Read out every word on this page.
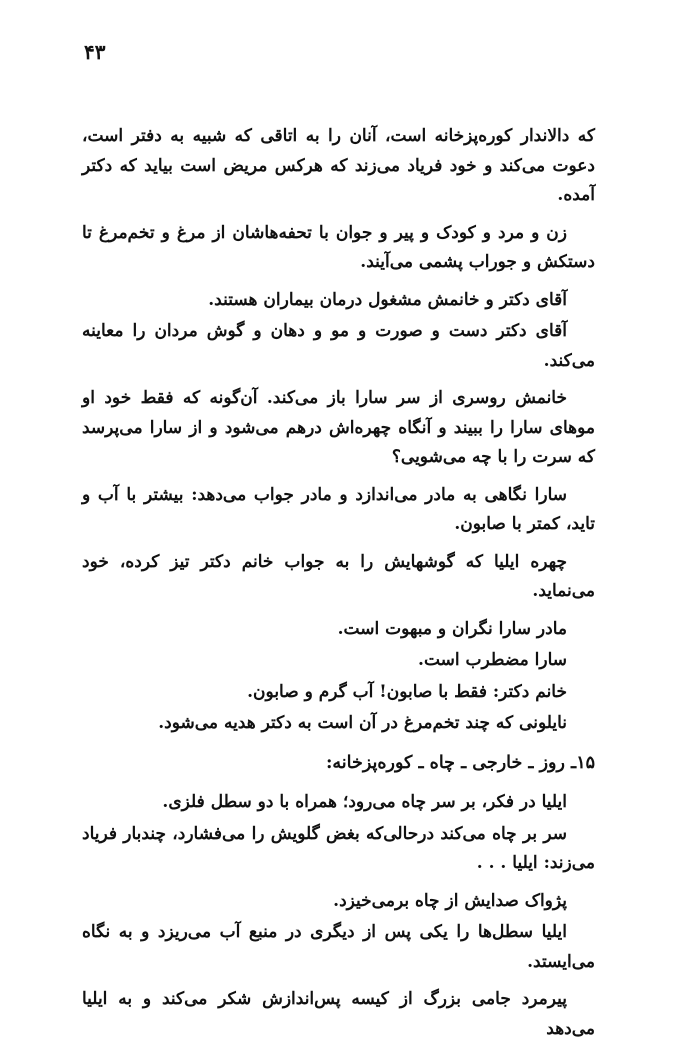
۴۳

که دالاندار کوره‌پزخانه است، آنان را به اتاقی که شبیه به دفتر است، دعوت می‌کند و خود فریاد می‌زند که هرکس مریض است بیاید که دکتر آمده.

زن و مرد و کودک و پیر و جوان با تحفه‌هاشان از مرغ و تخم‌مرغ تا دستکش و جوراب پشمی می‌آیند.

آقای دکتر و خانمش مشغول درمان بیماران هستند.

آقای دکتر دست و صورت و مو و دهان و گوش مردان را معاینه می‌کند.

خانمش روسری از سر سارا باز می‌کند. آن‌گونه که فقط خود او موهای سارا را ببیند و آنگاه چهره‌اش درهم می‌شود و از سارا می‌پرسد که سرت را با چه می‌شویی؟

سارا نگاهی به مادر می‌اندازد و مادر جواب می‌دهد: بیشتر با آب و تاید، کمتر با صابون.

چهره ایلیا که گوشهایش را به جواب خانم دکتر تیز کرده، خود می‌نماید.

مادر سارا نگران و مبهوت است.

سارا مضطرب است.

خانم دکتر: فقط با صابون! آب گرم و صابون.

نایلونی که چند تخم‌مرغ در آن است به دکتر هدیه می‌شود.

۱۵ـ روز ـ خارجی ـ چاه ـ کوره‌پزخانه:

ایلیا در فکر، بر سر چاه می‌رود؛ همراه با دو سطل فلزی.

سر بر چاه می‌کند درحالی‌که بغض گلویش را می‌فشارد، چندبار فریاد می‌زند: ایلیا . . .

پژواک صدایش از چاه برمی‌خیزد.

ایلیا سطل‌ها را یکی پس از دیگری در منبع آب می‌ریزد و به نگاه می‌ایستد.

پیرمرد جامی بزرگ از کیسه پس‌اندازش شکر می‌کند و به ایلیا می‌دهد
